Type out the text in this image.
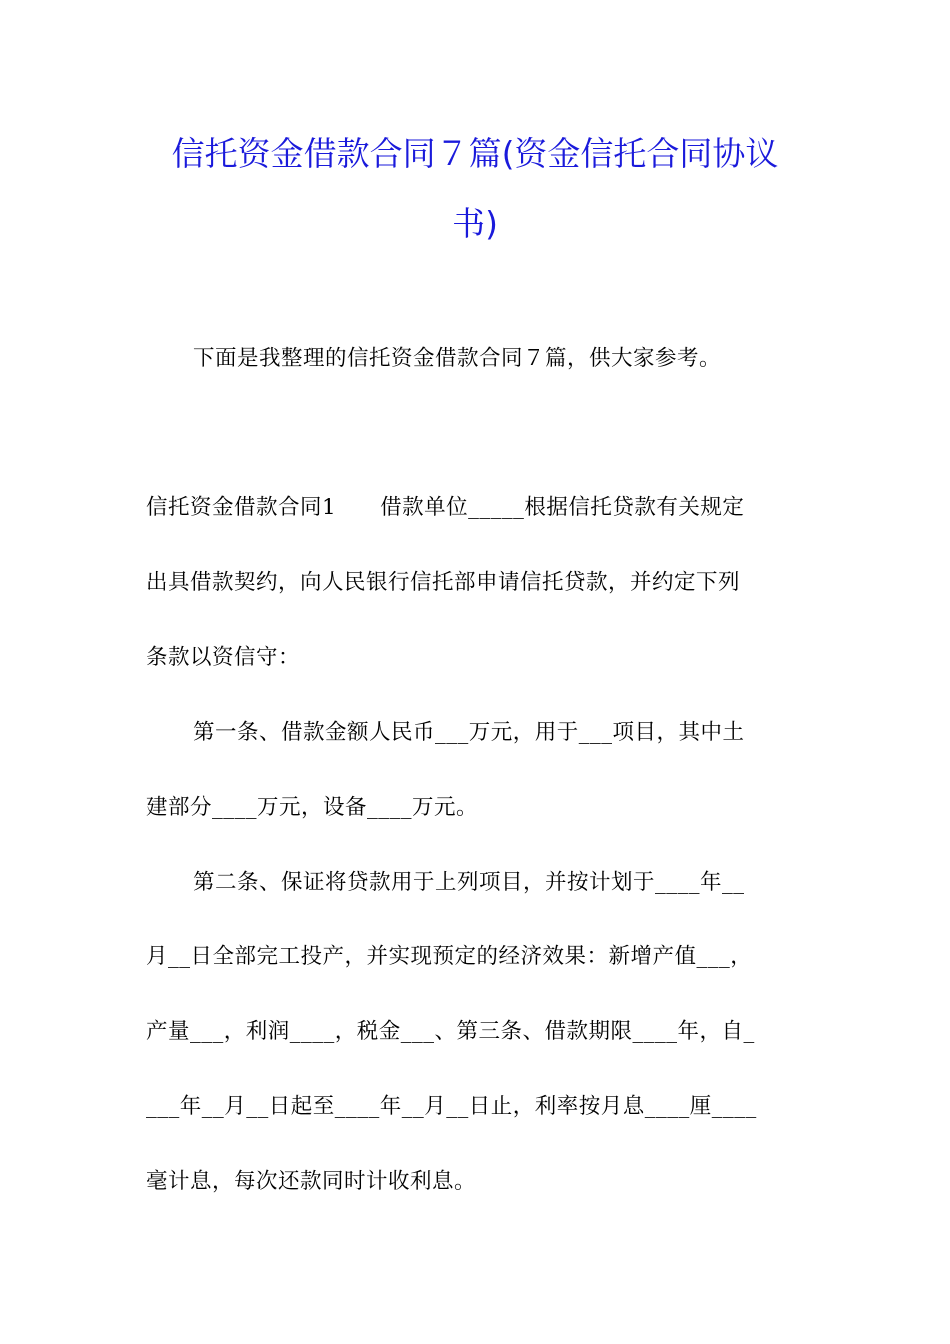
信托资金借款合同７篇(资金信托合同协议
书)
下面是我整理的信托资金借款合同７篇，供大家参考。
信托资金借款合同1　　借款单位_____根据信托贷款有关规定
出具借款契约，向人民银行信托部申请信托贷款，并约定下列
条款以资信守：
第一条、借款金额人民币___万元，用于___项目，其中土
建部分____万元，设备____万元。
第二条、保证将贷款用于上列项目，并按计划于____年__
月__日全部完工投产，并实现预定的经济效果：新增产值___，
产量___，利润____，税金___、第三条、借款期限____年，自_
___年__月__日起至____年__月__日止，利率按月息____厘____
毫计息，每次还款同时计收利息。
